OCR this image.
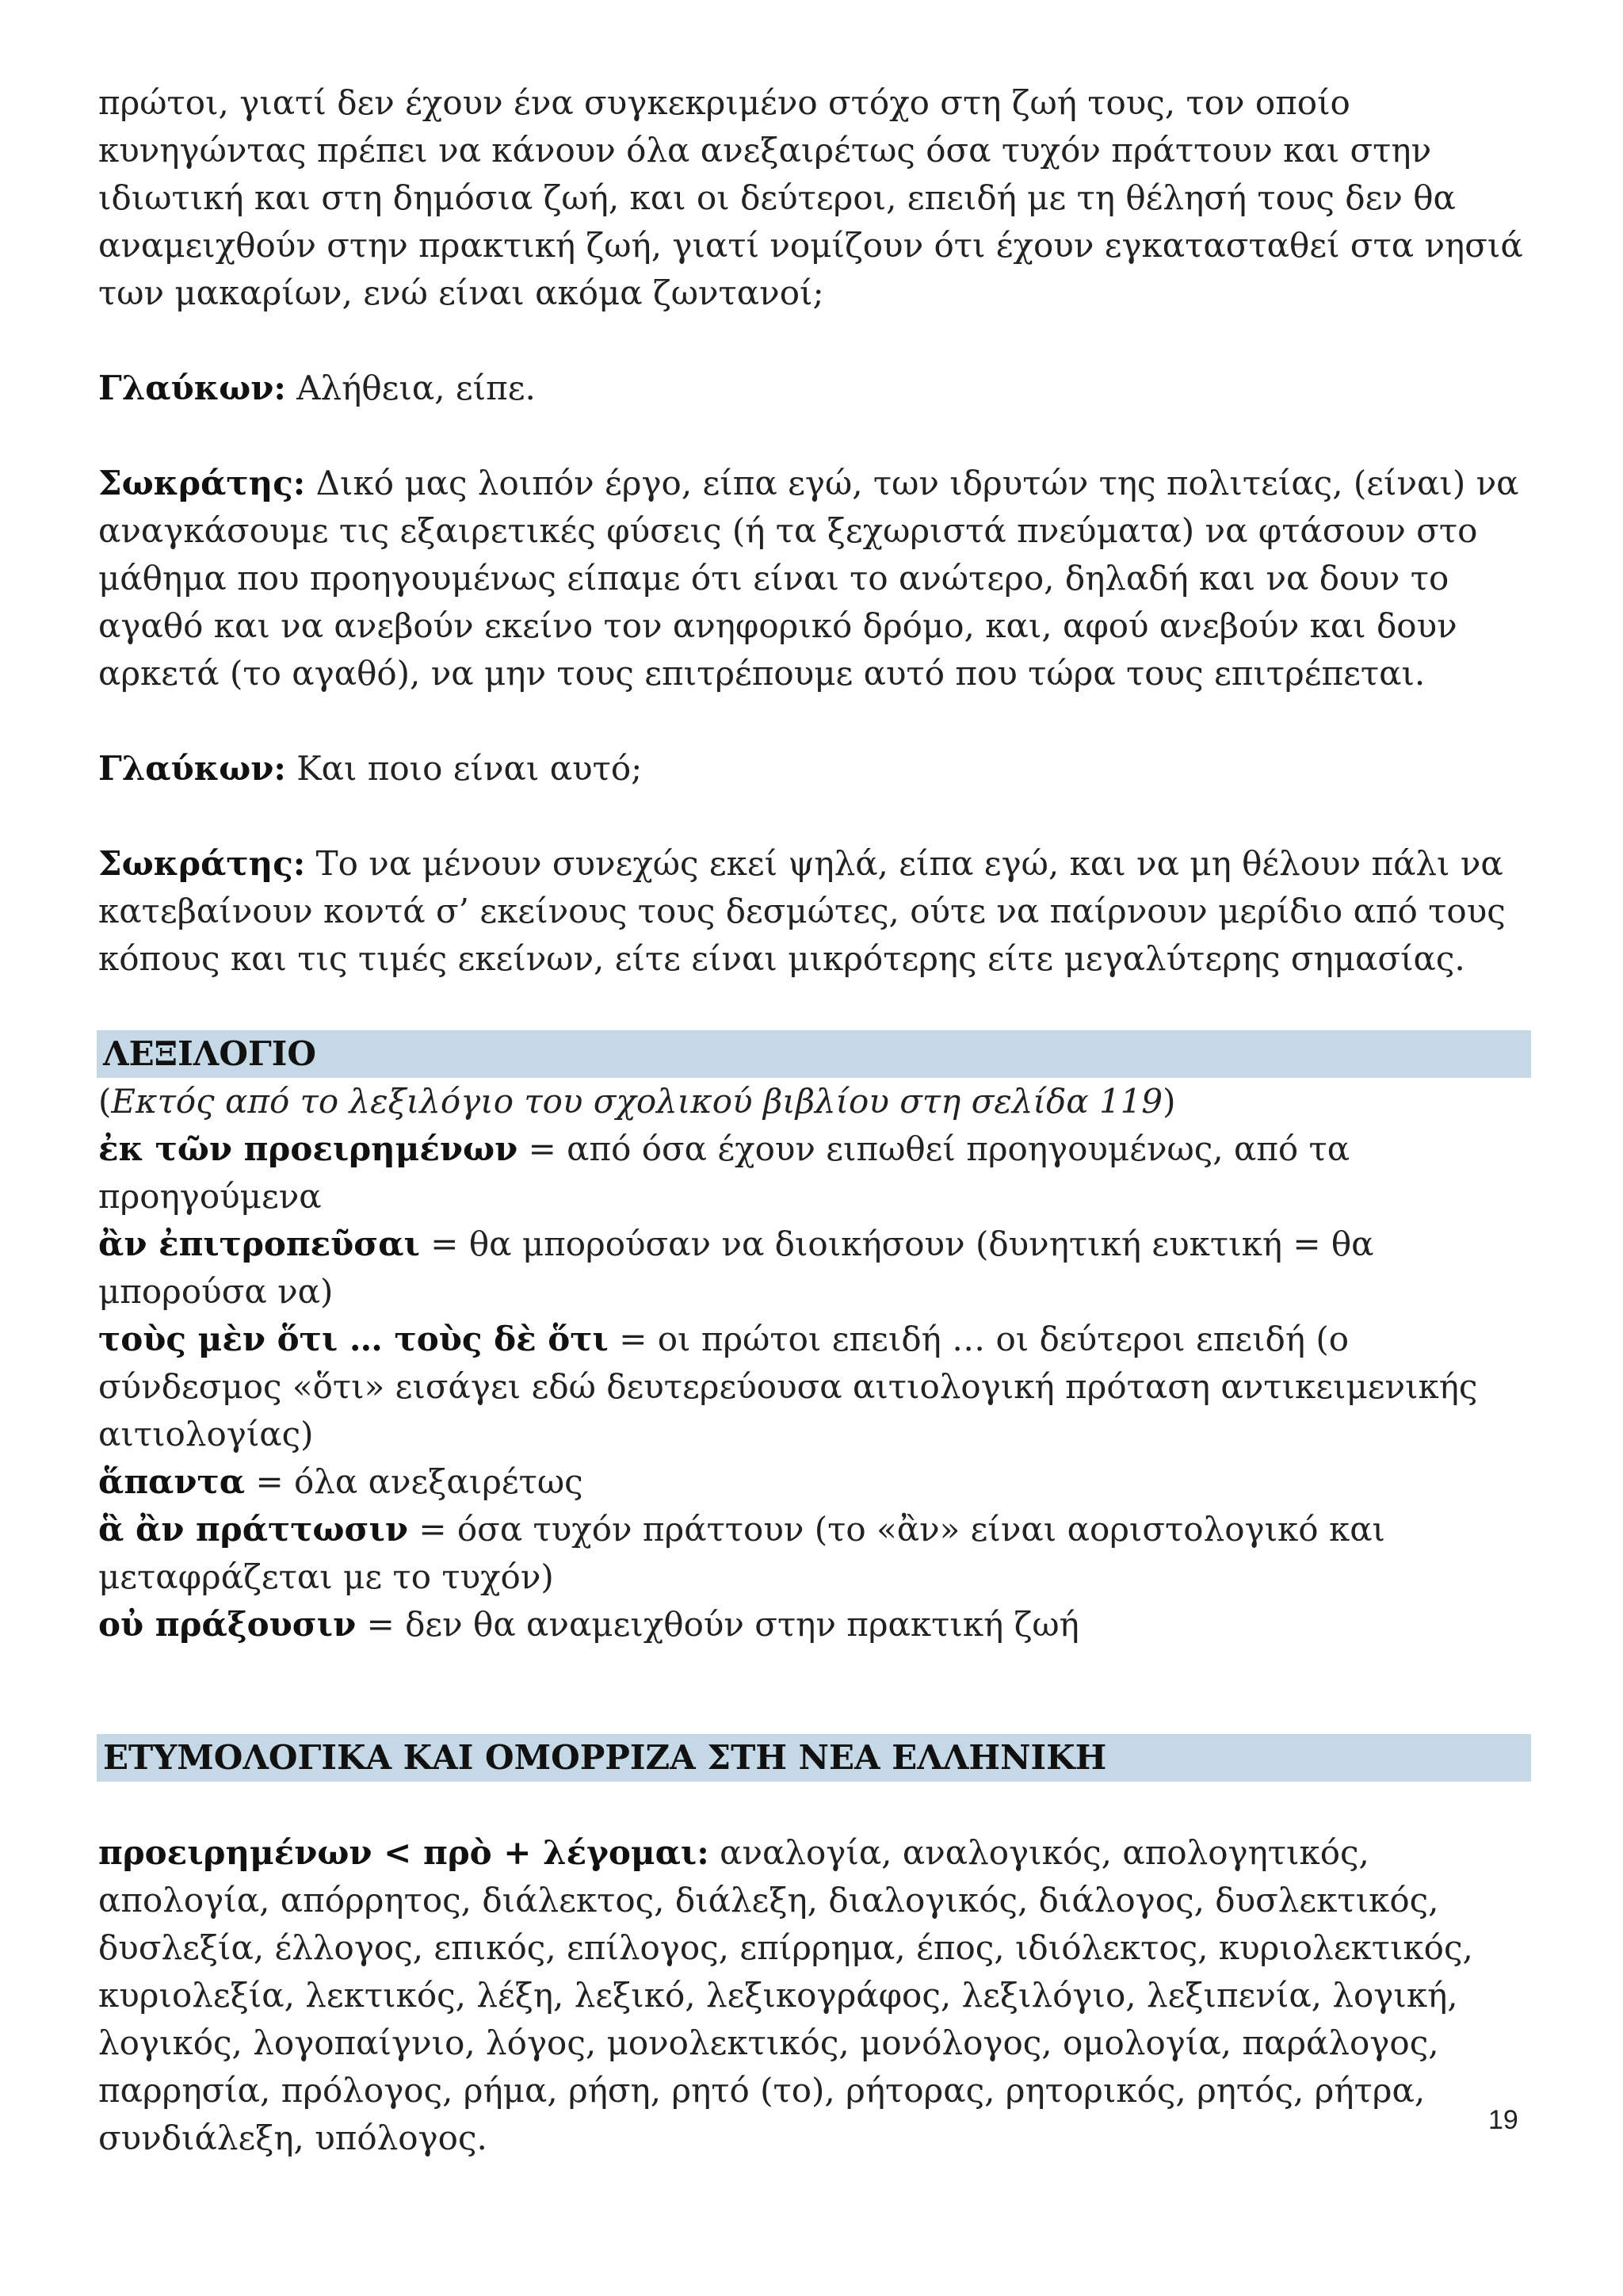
πρώτοι, γιατί δεν έχουν ένα συγκεκριμένο στόχο στη ζωή τους, τον οποίο κυνηγώντας πρέπει να κάνουν όλα ανεξαιρέτως όσα τυχόν πράττουν και στην ιδιωτική και στη δημόσια ζωή, και οι δεύτεροι, επειδή με τη θέλησή τους δεν θα αναμειχθούν στην πρακτική ζωή, γιατί νομίζουν ότι έχουν εγκατασταθεί στα νησιά των μακαρίων, ενώ είναι ακόμα ζωντανοί;

Γλαύκων: Αλήθεια, είπε.

Σωκράτης: Δικό μας λοιπόν έργο, είπα εγώ, των ιδρυτών της πολιτείας, (είναι) να αναγκάσουμε τις εξαιρετικές φύσεις (ή τα ξεχωριστά πνεύματα) να φτάσουν στο μάθημα που προηγουμένως είπαμε ότι είναι το ανώτερο, δηλαδή και να δουν το αγαθό και να ανεβούν εκείνο τον ανηφορικό δρόμο, και, αφού ανεβούν και δουν αρκετά (το αγαθό), να μην τους επιτρέπουμε αυτό που τώρα τους επιτρέπεται.

Γλαύκων: Και ποιο είναι αυτό;

Σωκράτης: Το να μένουν συνεχώς εκεί ψηλά, είπα εγώ, και να μη θέλουν πάλι να κατεβαίνουν κοντά σ’ εκείνους τους δεσμώτες, ούτε να παίρνουν μερίδιο από τους κόπους και τις τιμές εκείνων, είτε είναι μικρότερης είτε μεγαλύτερης σημασίας.

ΛΕΞΙΛΟΓΙΟ

(Εκτός από το λεξιλόγιο του σχολικού βιβλίου στη σελίδα 119)

ἐκ τῶν προειρημένων = από όσα έχουν ειπωθεί προηγουμένως, από τα προηγούμενα

ἂν ἐπιτροπεῦσαι = θα μπορούσαν να διοικήσουν (δυνητική ευκτική = θα μπορούσα να)

τοὺς μὲν ὅτι … τοὺς δὲ ὅτι = οι πρώτοι επειδή … οι δεύτεροι επειδή (ο σύνδεσμος «ὅτι» εισάγει εδώ δευτερεύουσα αιτιολογική πρόταση αντικειμενικής αιτιολογίας)

ἅπαντα = όλα ανεξαιρέτως

ἃ ἂν πράττωσιν = όσα τυχόν πράττουν (το «ἂν» είναι αοριστολογικό και μεταφράζεται με το τυχόν)

οὐ πράξουσιν = δεν θα αναμειχθούν στην πρακτική ζωή

ΕΤΥΜΟΛΟΓΙΚΑ ΚΑΙ ΟΜΟΡΡΙΖΑ ΣΤΗ ΝΕΑ ΕΛΛΗΝΙΚΗ

προειρημένων < πρὸ + λέγομαι: αναλογία, αναλογικός, απολογητικός, απολογία, απόρρητος, διάλεκτος, διάλεξη, διαλογικός, διάλογος, δυσλεκτικός, δυσλεξία, έλλογος, επικός, επίλογος, επίρρημα, έπος, ιδιόλεκτος, κυριολεκτικός, κυριολεξία, λεκτικός, λέξη, λεξικό, λεξικογράφος, λεξιλόγιο, λεξιπενία, λογική, λογικός, λογοπαίγνιο, λόγος, μονολεκτικός, μονόλογος, ομολογία, παράλογος, παρρησία, πρόλογος, ρήμα, ρήση, ρητό (το), ρήτορας, ρητορικός, ρητός, ρήτρα, συνδιάλεξη, υπόλογος.	19
